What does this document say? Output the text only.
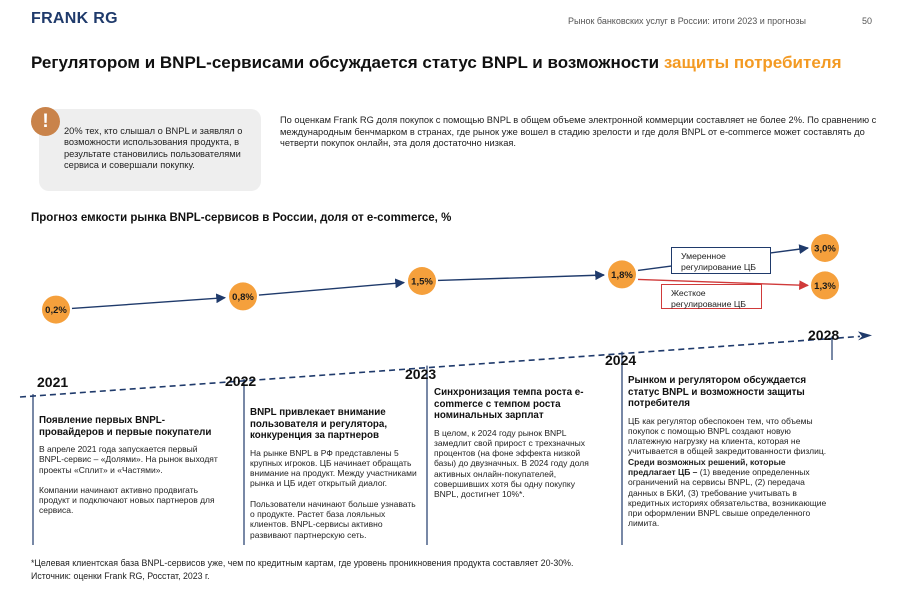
FRANK RG	Рынок банковских услуг в России: итоги 2023 и прогнозы	50
Регулятором и BNPL-сервисами обсуждается статус BNPL и возможности защиты потребителя
!	20% тех, кто слышал о BNPL и заявлял о возможности использования продукта, в результате становились пользователями сервиса и совершали покупку.
По оценкам Frank RG доля покупок с помощью BNPL в общем объеме электронной коммерции составляет не более 2%. По сравнению с международным бенчмарком в странах, где рынок уже вошел в стадию зрелости и где доля BNPL от e-commerce может составлять до четверти покупок онлайн, эта доля достаточно низкая.
Прогноз емкости рынка BNPL-сервисов в России, доля от e-commerce, %
0,2%
0,8%
1,5%
1,8%
3,0%
1,3%
Умеренное регулирование ЦБ
Жесткое регулирование ЦБ
2021	2022	2023
2024
2028
Появление первых BNPL-провайдеров и первые покупатели
В апреле 2021 года запускается первый BNPL-сервис – «Долями». На рынок выходят проекты «Сплит» и «Частями».
Компании начинают активно продвигать продукт и подключают новых партнеров для сервиса.
BNPL привлекает внимание пользователя и регулятора, конкуренция за партнеров
На рынке BNPL в РФ представлены 5 крупных игроков. ЦБ начинает обращать внимание на продукт. Между участниками рынка и ЦБ идет открытый диалог.
Пользователи начинают больше узнавать о продукте. Растет база лояльных клиентов. BNPL-сервисы активно развивают партнерскую сеть.
Синхронизация темпа роста e-commerce с темпом роста номинальных зарплат
В целом, к 2024 году рынок BNPL замедлит свой прирост с трехзначных процентов (на фоне эффекта низкой базы) до двузначных. В 2024 году доля активных онлайн-покупателей, совершивших хотя бы одну покупку BNPL, достигнет 10%*.
Рынком и регулятором обсуждается статус BNPL и возможности защиты потребителя
ЦБ как регулятор обеспокоен тем, что объемы покупок с помощью BNPL создают новую платежную нагрузку на клиента, которая не учитывается в общей закредитованности физлиц. Среди возможных решений, которые предлагает ЦБ – (1) введение определенных ограничений на сервисы BNPL, (2) передача данных в БКИ, (3) требование учитывать в кредитных историях обязательства, возникающие при оформлении BNPL свыше определенного лимита.
*Целевая клиентская база BNPL-сервисов уже, чем по кредитным картам, где уровень проникновения продукта составляет 20-30%.
Источник: оценки Frank RG, Росстат, 2023 г.
